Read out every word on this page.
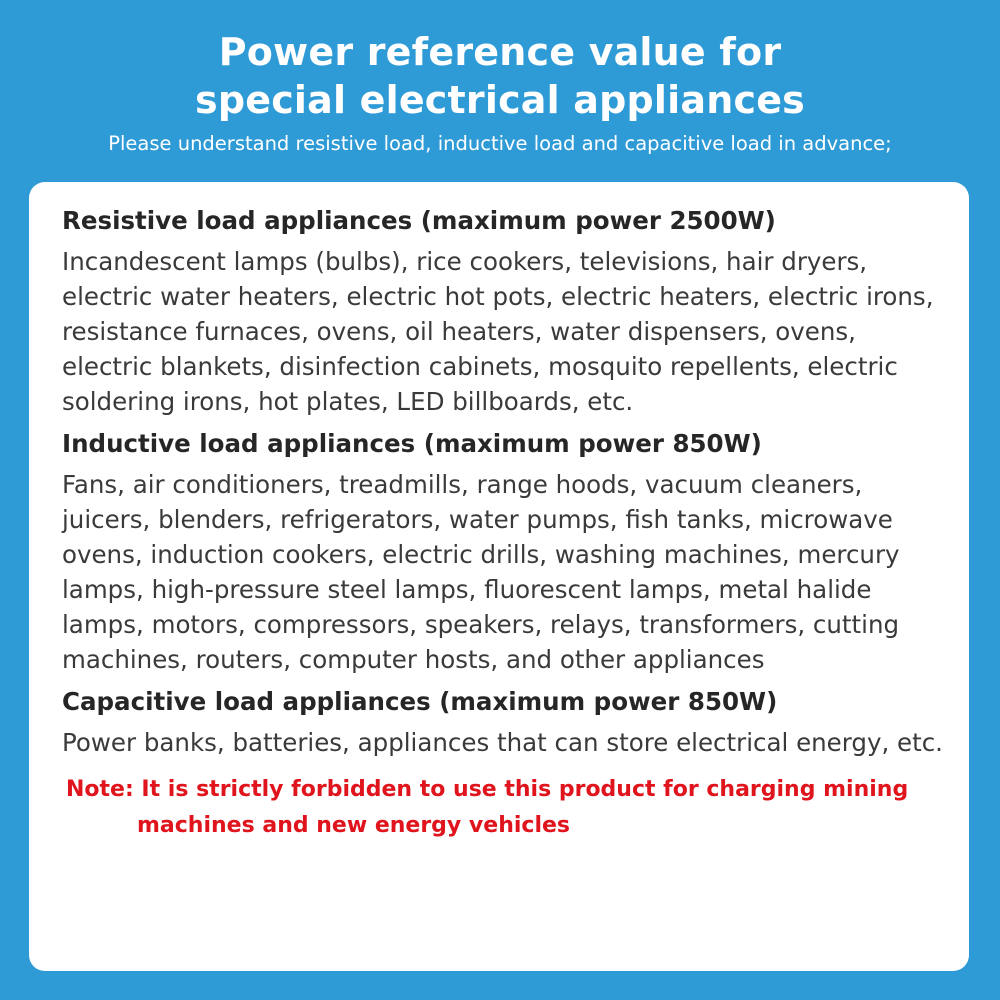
Power reference value for
special electrical appliances

Please understand resistive load, inductive load and capacitive load in advance;

Resistive load appliances (maximum power 2500W)
Incandescent lamps (bulbs), rice cookers, televisions, hair dryers, electric water heaters, electric hot pots, electric heaters, electric irons, resistance furnaces, ovens, oil heaters, water dispensers, ovens, electric blankets, disinfection cabinets, mosquito repellents, electric soldering irons, hot plates, LED billboards, etc.
Inductive load appliances (maximum power 850W)
Fans, air conditioners, treadmills, range hoods, vacuum cleaners, juicers, blenders, refrigerators, water pumps, fish tanks, microwave ovens, induction cookers, electric drills, washing machines, mercury lamps, high-pressure steel lamps, fluorescent lamps, metal halide lamps, motors, compressors, speakers, relays, transformers, cutting machines, routers, computer hosts, and other appliances
Capacitive load appliances (maximum power 850W)
Power banks, batteries, appliances that can store electrical energy, etc.
Note: It is strictly forbidden to use this product for charging mining
machines and new energy vehicles
